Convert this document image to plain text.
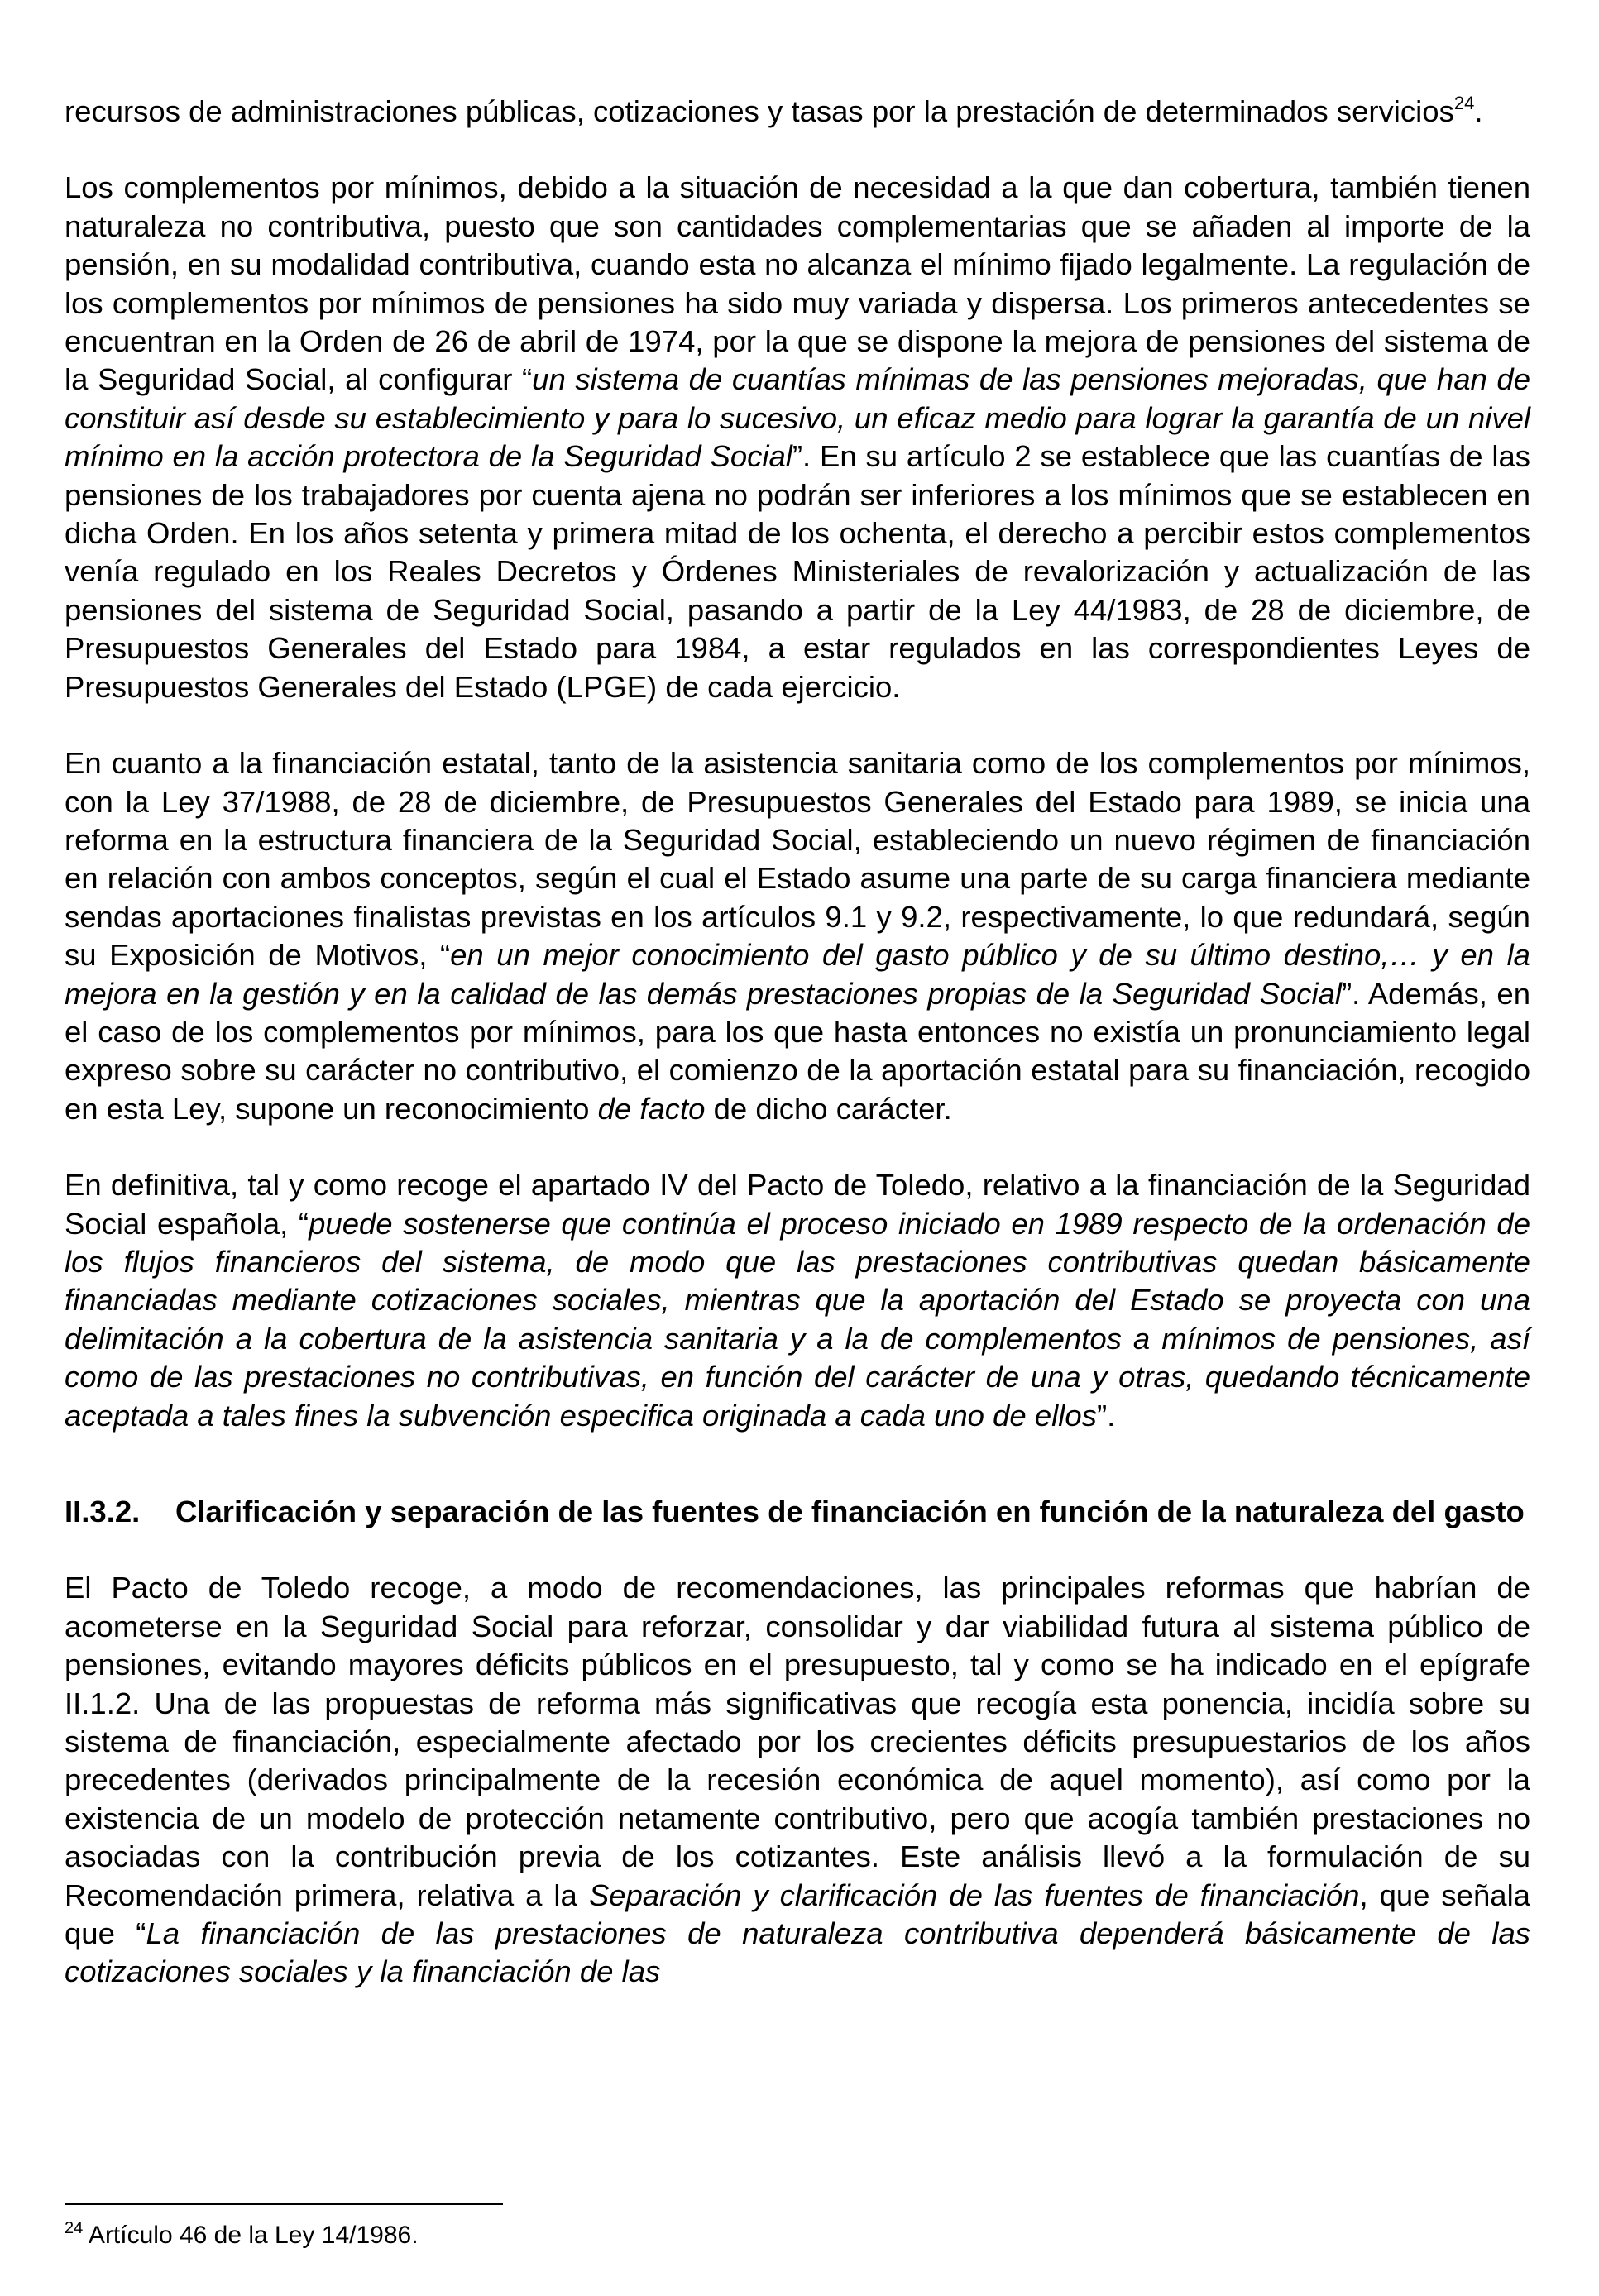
recursos de administraciones públicas, cotizaciones y tasas por la prestación de determinados servicios$^{24}$.

Los complementos por mínimos, debido a la situación de necesidad a la que dan cobertura, también tienen naturaleza no contributiva, puesto que son cantidades complementarias que se añaden al importe de la pensión, en su modalidad contributiva, cuando esta no alcanza el mínimo fijado legalmente. La regulación de los complementos por mínimos de pensiones ha sido muy variada y dispersa. Los primeros antecedentes se encuentran en la Orden de 26 de abril de 1974, por la que se dispone la mejora de pensiones del sistema de la Seguridad Social, al configurar “un sistema de cuantías mínimas de las pensiones mejoradas, que han de constituir así desde su establecimiento y para lo sucesivo, un eficaz medio para lograr la garantía de un nivel mínimo en la acción protectora de la Seguridad Social”. En su artículo 2 se establece que las cuantías de las pensiones de los trabajadores por cuenta ajena no podrán ser inferiores a los mínimos que se establecen en dicha Orden. En los años setenta y primera mitad de los ochenta, el derecho a percibir estos complementos venía regulado en los Reales Decretos y Órdenes Ministeriales de revalorización y actualización de las pensiones del sistema de Seguridad Social, pasando a partir de la Ley 44/1983, de 28 de diciembre, de Presupuestos Generales del Estado para 1984, a estar regulados en las correspondientes Leyes de Presupuestos Generales del Estado (LPGE) de cada ejercicio.

En cuanto a la financiación estatal, tanto de la asistencia sanitaria como de los complementos por mínimos, con la Ley 37/1988, de 28 de diciembre, de Presupuestos Generales del Estado para 1989, se inicia una reforma en la estructura financiera de la Seguridad Social, estableciendo un nuevo régimen de financiación en relación con ambos conceptos, según el cual el Estado asume una parte de su carga financiera mediante sendas aportaciones finalistas previstas en los artículos 9.1 y 9.2, respectivamente, lo que redundará, según su Exposición de Motivos, “en un mejor conocimiento del gasto público y de su último destino,… y en la mejora en la gestión y en la calidad de las demás prestaciones propias de la Seguridad Social”. Además, en el caso de los complementos por mínimos, para los que hasta entonces no existía un pronunciamiento legal expreso sobre su carácter no contributivo, el comienzo de la aportación estatal para su financiación, recogido en esta Ley, supone un reconocimiento de facto de dicho carácter.

En definitiva, tal y como recoge el apartado IV del Pacto de Toledo, relativo a la financiación de la Seguridad Social española, “puede sostenerse que continúa el proceso iniciado en 1989 respecto de la ordenación de los flujos financieros del sistema, de modo que las prestaciones contributivas quedan básicamente financiadas mediante cotizaciones sociales, mientras que la aportación del Estado se proyecta con una delimitación a la cobertura de la asistencia sanitaria y a la de complementos a mínimos de pensiones, así como de las prestaciones no contributivas, en función del carácter de una y otras, quedando técnicamente aceptada a tales fines la subvención especifica originada a cada uno de ellos”.

II.3.2.	Clarificación y separación de las fuentes de financiación en función de la naturaleza del gasto

El Pacto de Toledo recoge, a modo de recomendaciones, las principales reformas que habrían de acometerse en la Seguridad Social para reforzar, consolidar y dar viabilidad futura al sistema público de pensiones, evitando mayores déficits públicos en el presupuesto, tal y como se ha indicado en el epígrafe II.1.2. Una de las propuestas de reforma más significativas que recogía esta ponencia, incidía sobre su sistema de financiación, especialmente afectado por los crecientes déficits presupuestarios de los años precedentes (derivados principalmente de la recesión económica de aquel momento), así como por la existencia de un modelo de protección netamente contributivo, pero que acogía también prestaciones no asociadas con la contribución previa de los cotizantes. Este análisis llevó a la formulación de su Recomendación primera, relativa a la Separación y clarificación de las fuentes de financiación, que señala que “La financiación de las prestaciones de naturaleza contributiva dependerá básicamente de las cotizaciones sociales y la financiación de las

$^{24}$ Artículo 46 de la Ley 14/1986.
